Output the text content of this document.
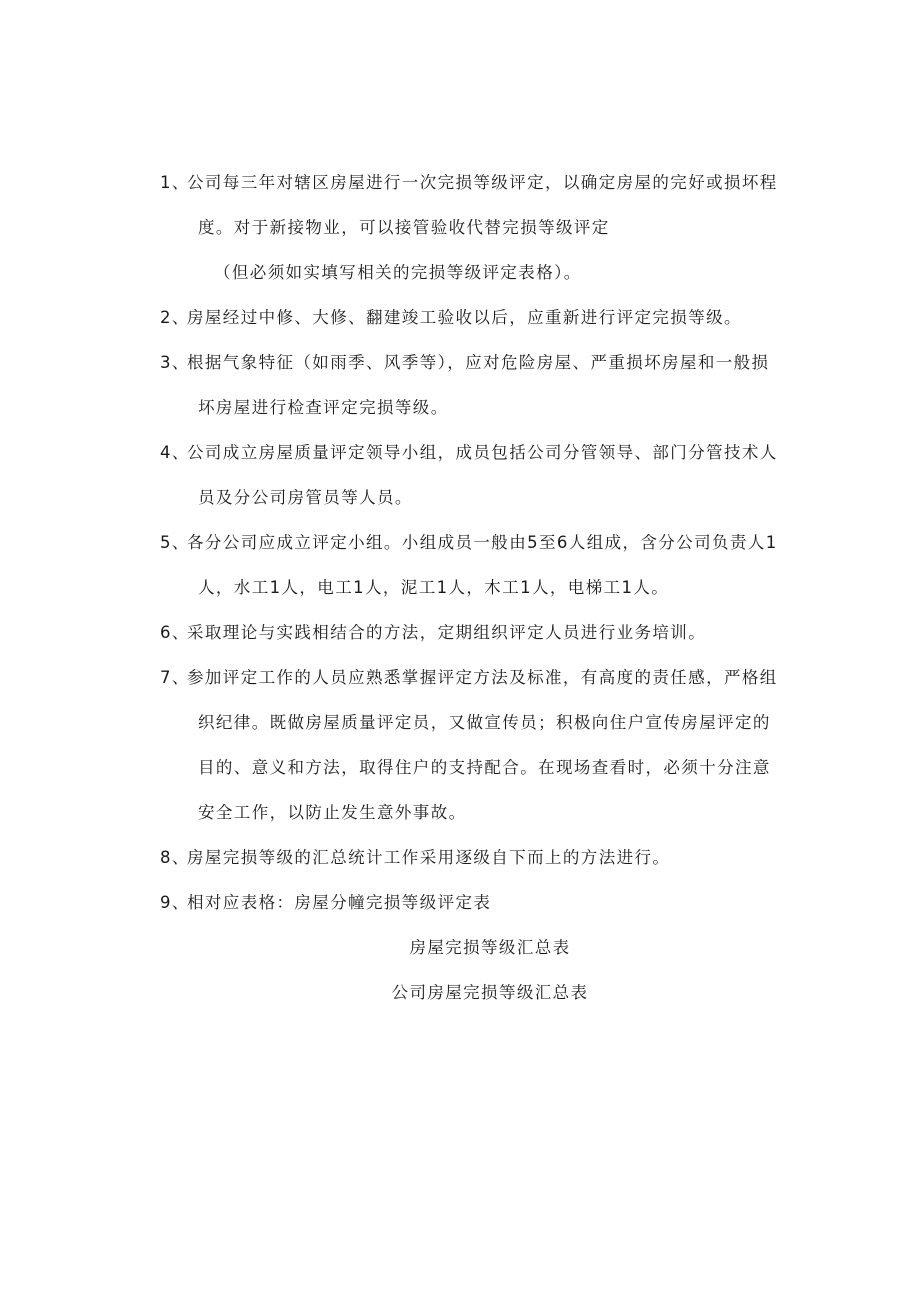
1、公司每三年对辖区房屋进行一次完损等级评定，以确定房屋的完好或损坏程
度。对于新接物业，可以接管验收代替完损等级评定
（但必须如实填写相关的完损等级评定表格）。
2、房屋经过中修、大修、翻建竣工验收以后，应重新进行评定完损等级。
3、根据气象特征（如雨季、风季等），应对危险房屋、严重损坏房屋和一般损
坏房屋进行检查评定完损等级。
4、公司成立房屋质量评定领导小组，成员包括公司分管领导、部门分管技术人
员及分公司房管员等人员。
5、各分公司应成立评定小组。小组成员一般由5至6人组成，含分公司负责人1
人，水工1人，电工1人，泥工1人，木工1人，电梯工1人。
6、采取理论与实践相结合的方法，定期组织评定人员进行业务培训。
7、参加评定工作的人员应熟悉掌握评定方法及标准，有高度的责任感，严格组
织纪律。既做房屋质量评定员，又做宣传员；积极向住户宣传房屋评定的
目的、意义和方法，取得住户的支持配合。在现场查看时，必须十分注意
安全工作，以防止发生意外事故。
8、房屋完损等级的汇总统计工作采用逐级自下而上的方法进行。
9、相对应表格：房屋分幢完损等级评定表
房屋完损等级汇总表
公司房屋完损等级汇总表
